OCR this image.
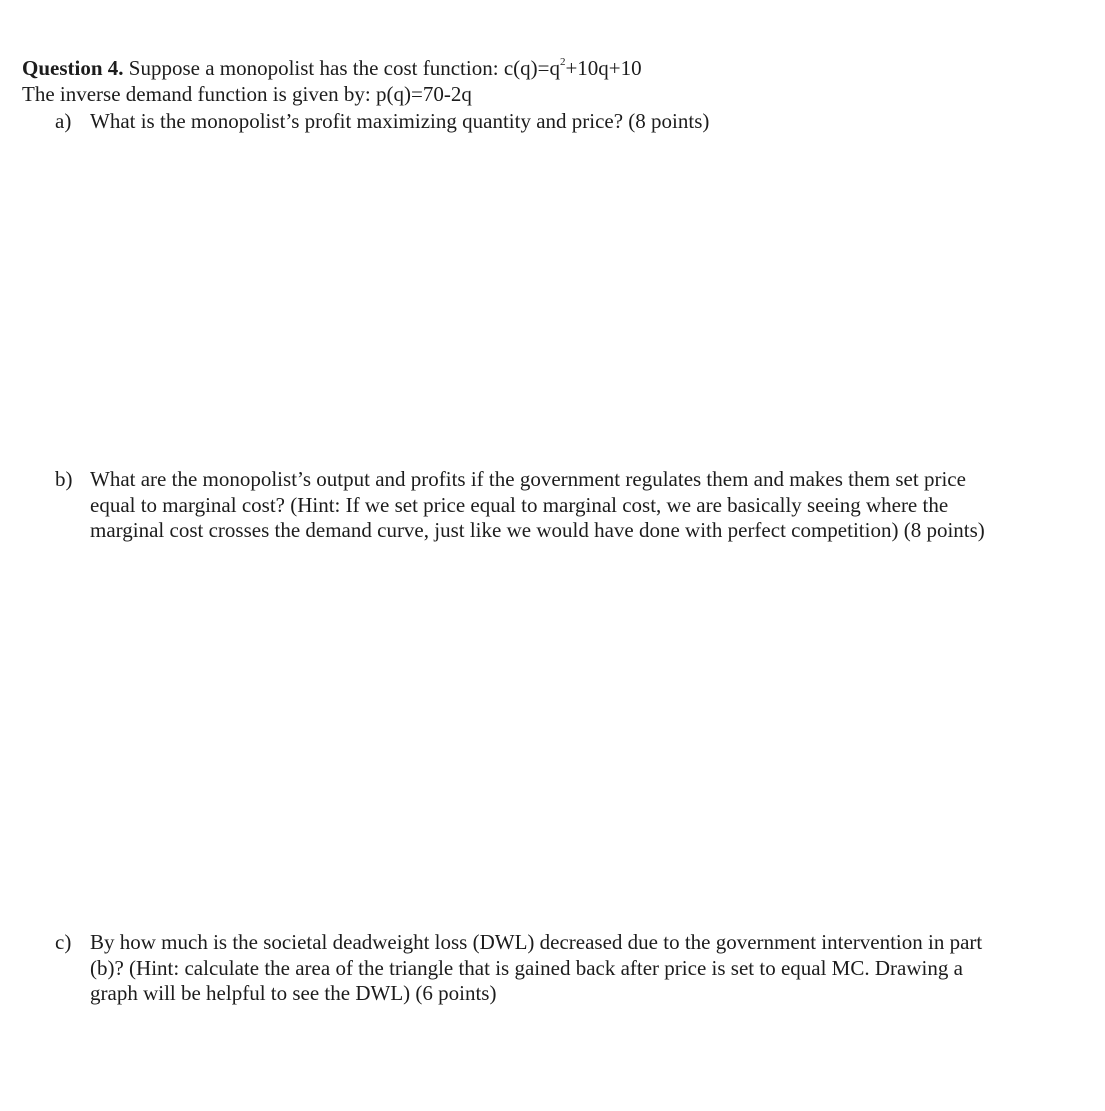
Question 4. Suppose a monopolist has the cost function: $c(q)=q^2+10q+10$
The inverse demand function is given by: p(q)=70-2q
a) What is the monopolist’s profit maximizing quantity and price? (8 points)
b) What are the monopolist’s output and profits if the government regulates them and makes them set price
equal to marginal cost? (Hint: If we set price equal to marginal cost, we are basically seeing where the
marginal cost crosses the demand curve, just like we would have done with perfect competition) (8 points)
c) By how much is the societal deadweight loss (DWL) decreased due to the government intervention in part
(b)? (Hint: calculate the area of the triangle that is gained back after price is set to equal MC. Drawing a
graph will be helpful to see the DWL) (6 points)
